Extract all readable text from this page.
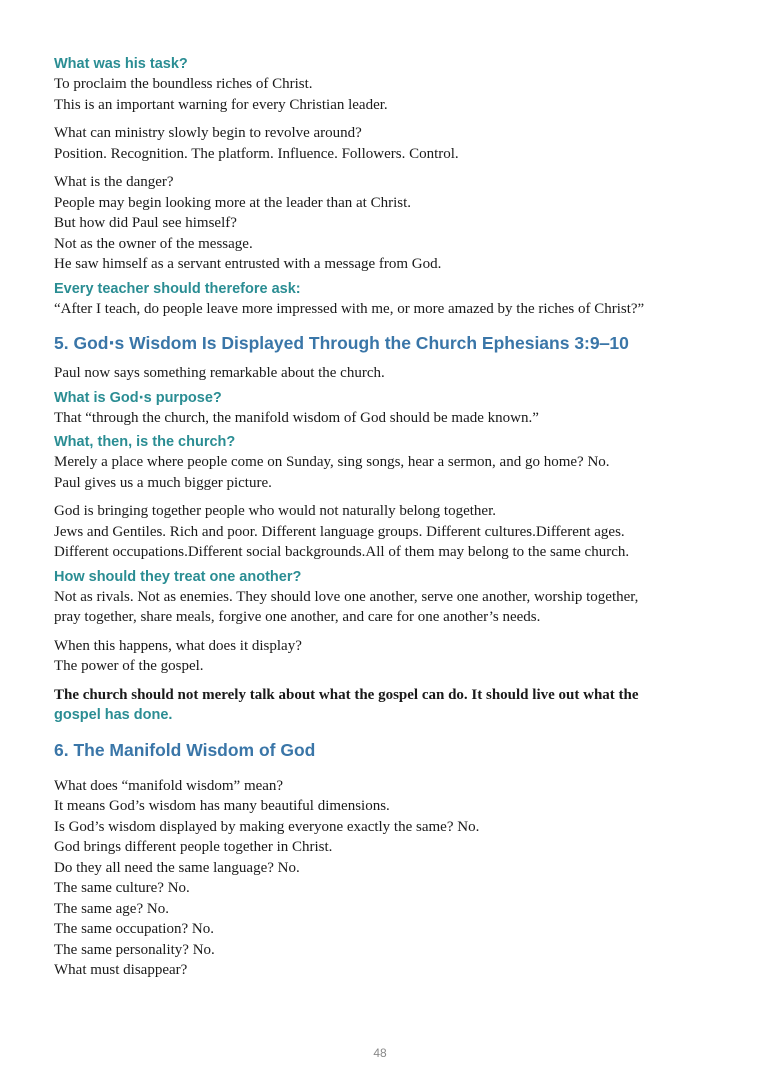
What was his task?

To proclaim the boundless riches of Christ.

This is an important warning for every Christian leader.

What can ministry slowly begin to revolve around?

Position. Recognition. The platform. Influence. Followers. Control.

What is the danger?

People may begin looking more at the leader than at Christ.

But how did Paul see himself?

Not as the owner of the message.

He saw himself as a servant entrusted with a message from God.

Every teacher should therefore ask:

“After I teach, do people leave more impressed with me, or more amazed by the riches of Christ?”

5. God‧s Wisdom Is Displayed Through the Church Ephesians 3:9‒10

Paul now says something remarkable about the church.

What is God‧s purpose?

That “through the church, the manifold wisdom of God should be made known.”

What, then, is the church?

Merely a place where people come on Sunday, sing songs, hear a sermon, and go home? No.

Paul gives us a much bigger picture.

God is bringing together people who would not naturally belong together.

Jews and Gentiles. Rich and poor. Different language groups. Different cultures.Different ages.

Different occupations.Different social backgrounds.All of them may belong to the same church.

How should they treat one another?

Not as rivals. Not as enemies. They should love one another, serve one another, worship together,

pray together, share meals, forgive one another, and care for one another’s needs.

When this happens, what does it display?

The power of the gospel.

The church should not merely talk about what the gospel can do. It should live out what the

gospel has done.

6. The Manifold Wisdom of God

What does “manifold wisdom” mean?

It means God’s wisdom has many beautiful dimensions.

Is God’s wisdom displayed by making everyone exactly the same? No.

God brings different people together in Christ.

Do they all need the same language? No.

The same culture? No.

The same age? No.

The same occupation? No.

The same personality? No.

What must disappear?

48
